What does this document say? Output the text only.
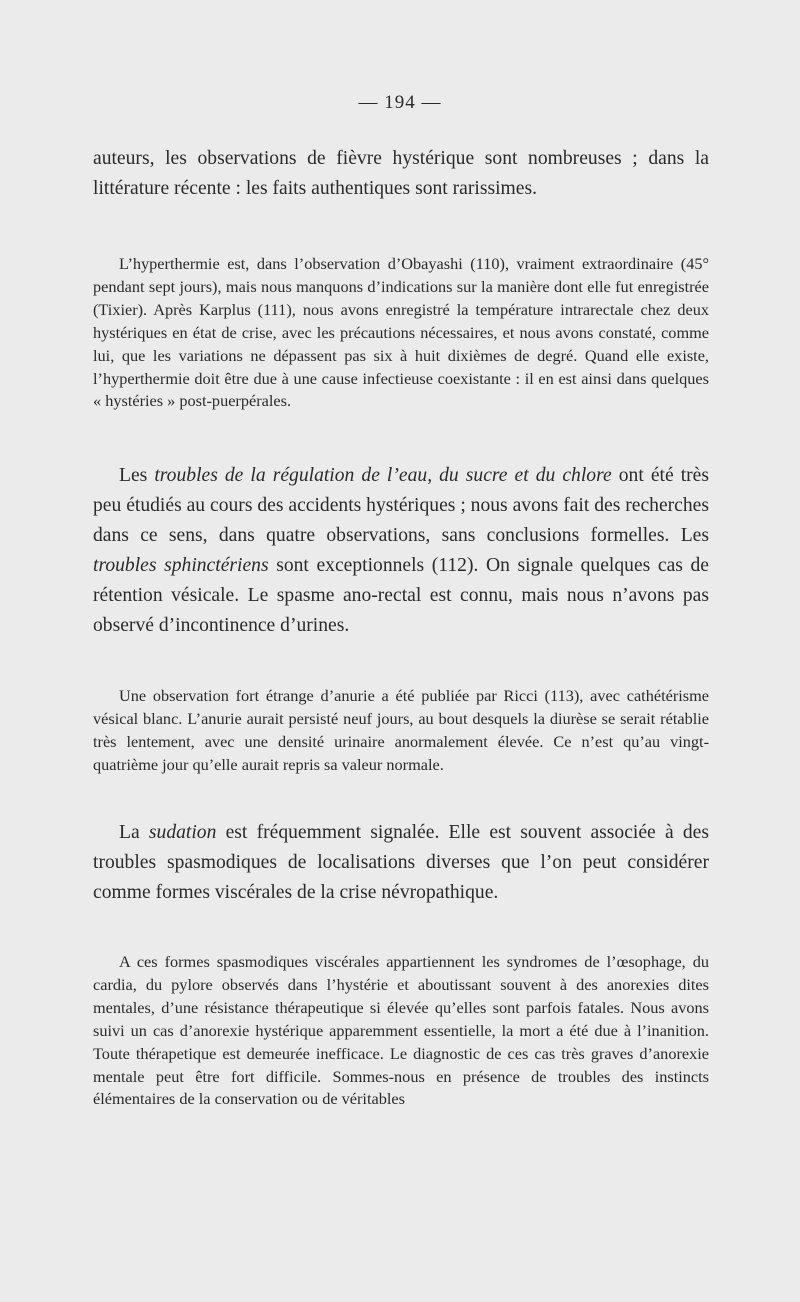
— 194 —

auteurs, les observations de fièvre hystérique sont nombreuses ; dans la littérature récente : les faits authentiques sont rarissimes.

L’hyperthermie est, dans l’observation d’Obayashi (110), vraiment extraordinaire (45° pendant sept jours), mais nous manquons d’indications sur la manière dont elle fut enregistrée (Tixier). Après Karplus (111), nous avons enregistré la température intrarectale chez deux hystériques en état de crise, avec les précautions nécessaires, et nous avons constaté, comme lui, que les variations ne dépassent pas six à huit dixièmes de degré. Quand elle existe, l’hyperthermie doit être due à une cause infectieuse coexistante : il en est ainsi dans quelques « hystéries » post-puerpérales.

Les troubles de la régulation de l’eau, du sucre et du chlore ont été très peu étudiés au cours des accidents hystériques ; nous avons fait des recherches dans ce sens, dans quatre observations, sans conclusions formelles. Les troubles sphinctériens sont exceptionnels (112). On signale quelques cas de rétention vésicale. Le spasme ano-rectal est connu, mais nous n’avons pas observé d’incontinence d’urines.

Une observation fort étrange d’anurie a été publiée par Ricci (113), avec cathétérisme vésical blanc. L’anurie aurait persisté neuf jours, au bout desquels la diurèse se serait rétablie très lentement, avec une densité urinaire anormalement élevée. Ce n’est qu’au vingt-quatrième jour qu’elle aurait repris sa valeur normale.

La sudation est fréquemment signalée. Elle est souvent associée à des troubles spasmodiques de localisations diverses que l’on peut considérer comme formes viscérales de la crise névropathique.

A ces formes spasmodiques viscérales appartiennent les syndromes de l’œsophage, du cardia, du pylore observés dans l’hystérie et aboutissant souvent à des anorexies dites mentales, d’une résistance thérapeutique si élevée qu’elles sont parfois fatales. Nous avons suivi un cas d’anorexie hystérique apparemment essentielle, la mort a été due à l’inanition. Toute thérapetique est demeurée inefficace. Le diagnostic de ces cas très graves d’anorexie mentale peut être fort difficile. Sommes-nous en présence de troubles des instincts élémentaires de la conservation ou de véritables
